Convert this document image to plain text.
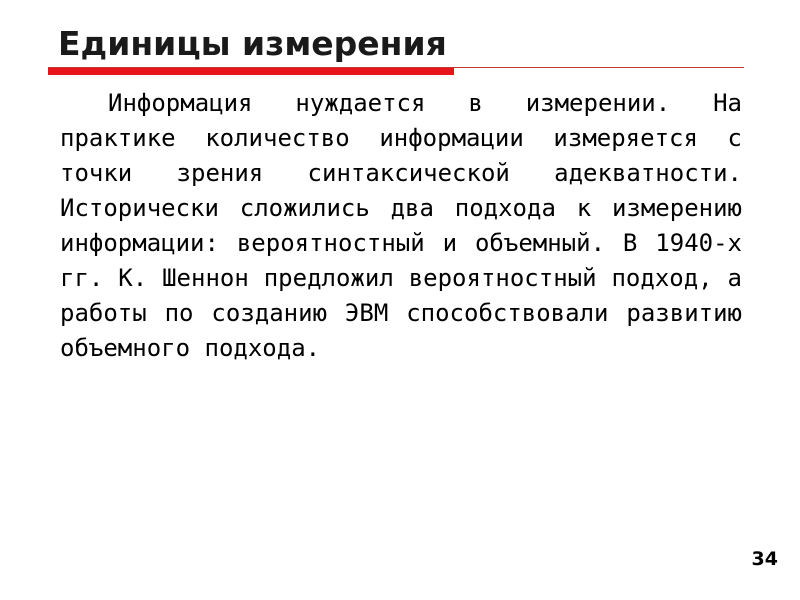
Единицы измерения

Информация нуждается в измерении. На практике количество информации измеряется с точки зрения синтаксической адекватности. Исторически сложились два подхода к измерению информации: вероятностный и объемный. В 1940-х гг. К. Шеннон предложил вероятностный подход, а работы по созданию ЭВМ способствовали развитию объемного подхода.

34
